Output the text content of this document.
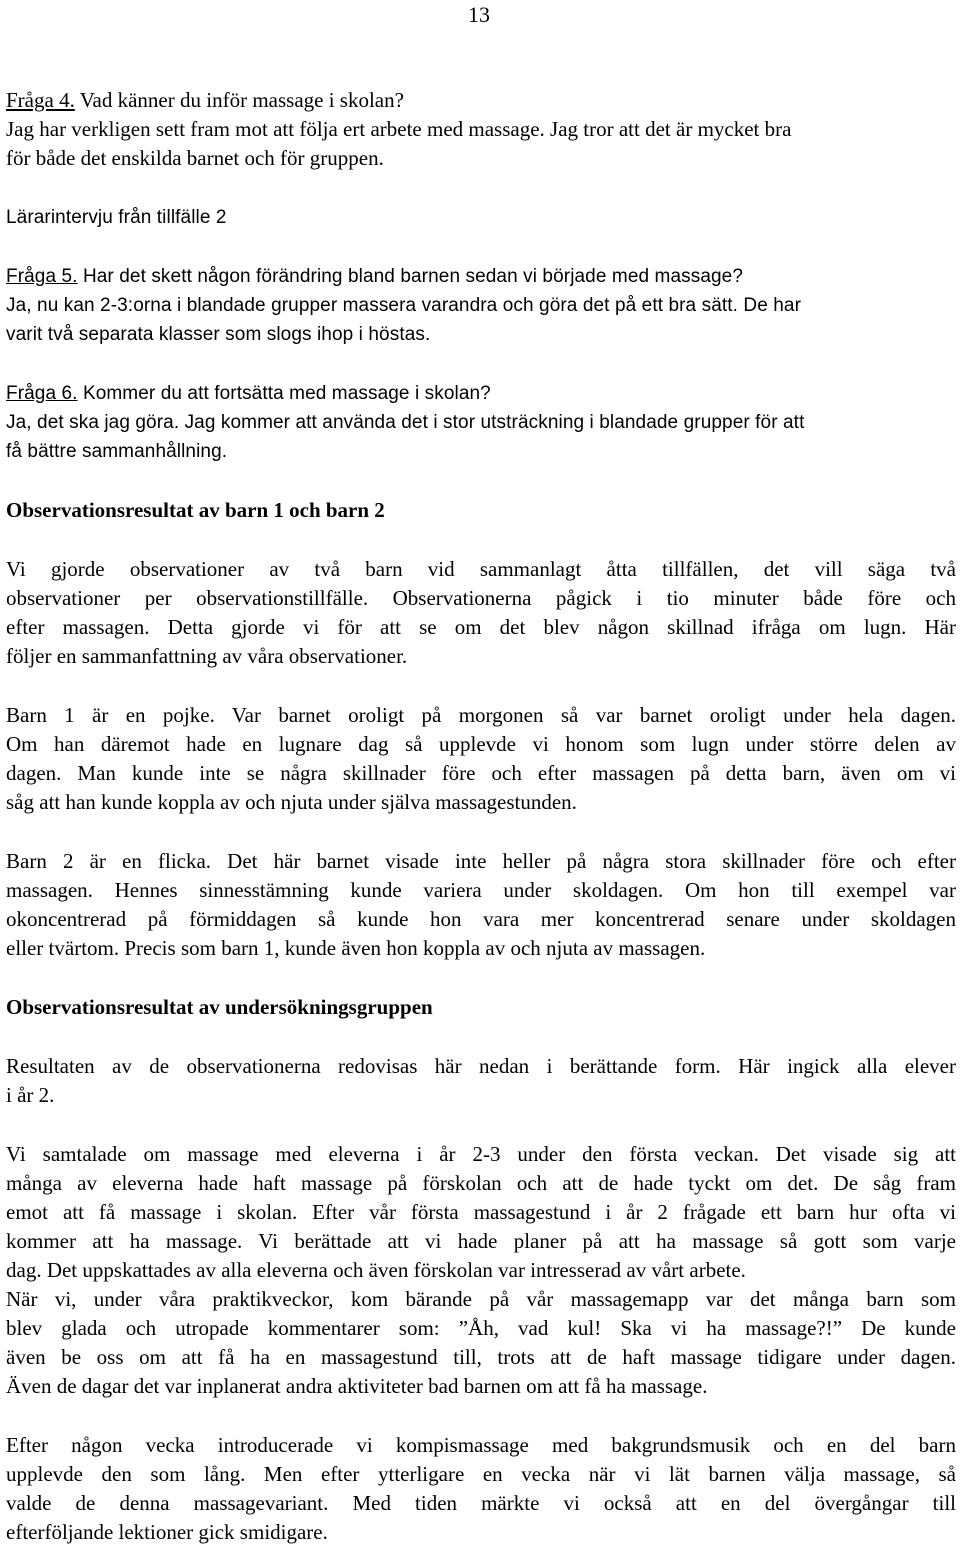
13
Fråga 4. Vad känner du inför massage i skolan?
Jag har verkligen sett fram mot att följa ert arbete med massage. Jag tror att det är mycket bra
för både det enskilda barnet och för gruppen.
Lärarintervju från tillfälle 2
Fråga 5. Har det skett någon förändring bland barnen sedan vi började med massage?
Ja, nu kan 2-3:orna i blandade grupper massera varandra och göra det på ett bra sätt. De har
varit två separata klasser som slogs ihop i höstas.
Fråga 6. Kommer du att fortsätta med massage i skolan?
Ja, det ska jag göra. Jag kommer att använda det i stor utsträckning i blandade grupper för att
få bättre sammanhållning.
Observationsresultat av barn 1 och barn 2
Vi gjorde observationer av två barn vid sammanlagt åtta tillfällen, det vill säga två
observationer per observationstillfälle. Observationerna pågick i tio minuter både före och
efter massagen. Detta gjorde vi för att se om det blev någon skillnad ifråga om lugn. Här
följer en sammanfattning av våra observationer.
Barn 1 är en pojke. Var barnet oroligt på morgonen så var barnet oroligt under hela dagen.
Om han däremot hade en lugnare dag så upplevde vi honom som lugn under större delen av
dagen. Man kunde inte se några skillnader före och efter massagen på detta barn, även om vi
såg att han kunde koppla av och njuta under själva massagestunden.
Barn 2 är en flicka. Det här barnet visade inte heller på några stora skillnader före och efter
massagen. Hennes sinnesstämning kunde variera under skoldagen. Om hon till exempel var
okoncentrerad på förmiddagen så kunde hon vara mer koncentrerad senare under skoldagen
eller tvärtom. Precis som barn 1, kunde även hon koppla av och njuta av massagen.
Observationsresultat av undersökningsgruppen
Resultaten av de observationerna redovisas här nedan i berättande form. Här ingick alla elever
i år 2.
Vi samtalade om massage med eleverna i år 2-3 under den första veckan. Det visade sig att
många av eleverna hade haft massage på förskolan och att de hade tyckt om det. De såg fram
emot att få massage i skolan. Efter vår första massagestund i år 2 frågade ett barn hur ofta vi
kommer att ha massage. Vi berättade att vi hade planer på att ha massage så gott som varje
dag. Det uppskattades av alla eleverna och även förskolan var intresserad av vårt arbete.
När vi, under våra praktikveckor, kom bärande på vår massagemapp var det många barn som
blev glada och utropade kommentarer som: ”Åh, vad kul! Ska vi ha massage?!” De kunde
även be oss om att få ha en massagestund till, trots att de haft massage tidigare under dagen.
Även de dagar det var inplanerat andra aktiviteter bad barnen om att få ha massage.
Efter någon vecka introducerade vi kompismassage med bakgrundsmusik och en del barn
upplevde den som lång. Men efter ytterligare en vecka när vi lät barnen välja massage, så
valde de denna massagevariant. Med tiden märkte vi också att en del övergångar till
efterföljande lektioner gick smidigare.
